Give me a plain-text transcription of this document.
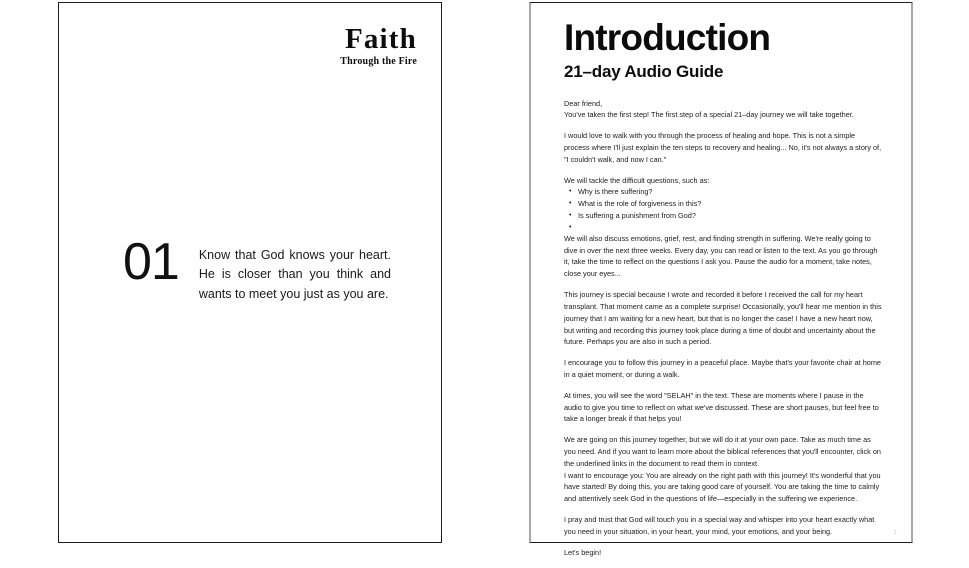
Faith
Through the Fire
01 Know that God knows your heart. He is closer than you think and wants to meet you just as you are.
Introduction
21–day Audio Guide

Dear friend,

You've taken the first step! The first step of a special 21–day journey we will take together.

I would love to walk with you through the process of healing and hope. This is not a simple process where I'll just explain the ten steps to recovery and healing... No, it's not always a story of, "I couldn't walk, and now I can."

We will tackle the difficult questions, such as:

• Why is there suffering?
• What is the role of forgiveness in this?
• Is suffering a punishment from God?
•

We will also discuss emotions, grief, rest, and finding strength in suffering. We're really going to dive in over the next three weeks. Every day, you can read or listen to the text. As you go through it, take the time to reflect on the questions I ask you. Pause the audio for a moment, take notes, close your eyes...

This journey is special because I wrote and recorded it before I received the call for my heart transplant. That moment came as a complete surprise! Occasionally, you'll hear me mention in this journey that I am waiting for a new heart, but that is no longer the case! I have a new heart now, but writing and recording this journey took place during a time of doubt and uncertainty about the future. Perhaps you are also in such a period.

I encourage you to follow this journey in a peaceful place. Maybe that's your favorite chair at home in a quiet moment, or during a walk.

At times, you will see the word "SELAH" in the text. These are moments where I pause in the audio to give you time to reflect on what we've discussed. These are short pauses, but feel free to take a longer break if that helps you!

We are going on this journey together, but we will do it at your own pace. Take as much time as you need. And if you want to learn more about the biblical references that you'll encounter, click on the underlined links in the document to read them in context.

I want to encourage you: You are already on the right path with this journey! It's wonderful that you have started! By doing this, you are taking good care of yourself. You are taking the time to calmly and attentively seek God in the questions of life—especially in the suffering we experience.

I pray and trust that God will touch you in a special way and whisper into your heart exactly what you need in your situation, in your heart, your mind, your emotions, and your being.

Let's begin!

1
